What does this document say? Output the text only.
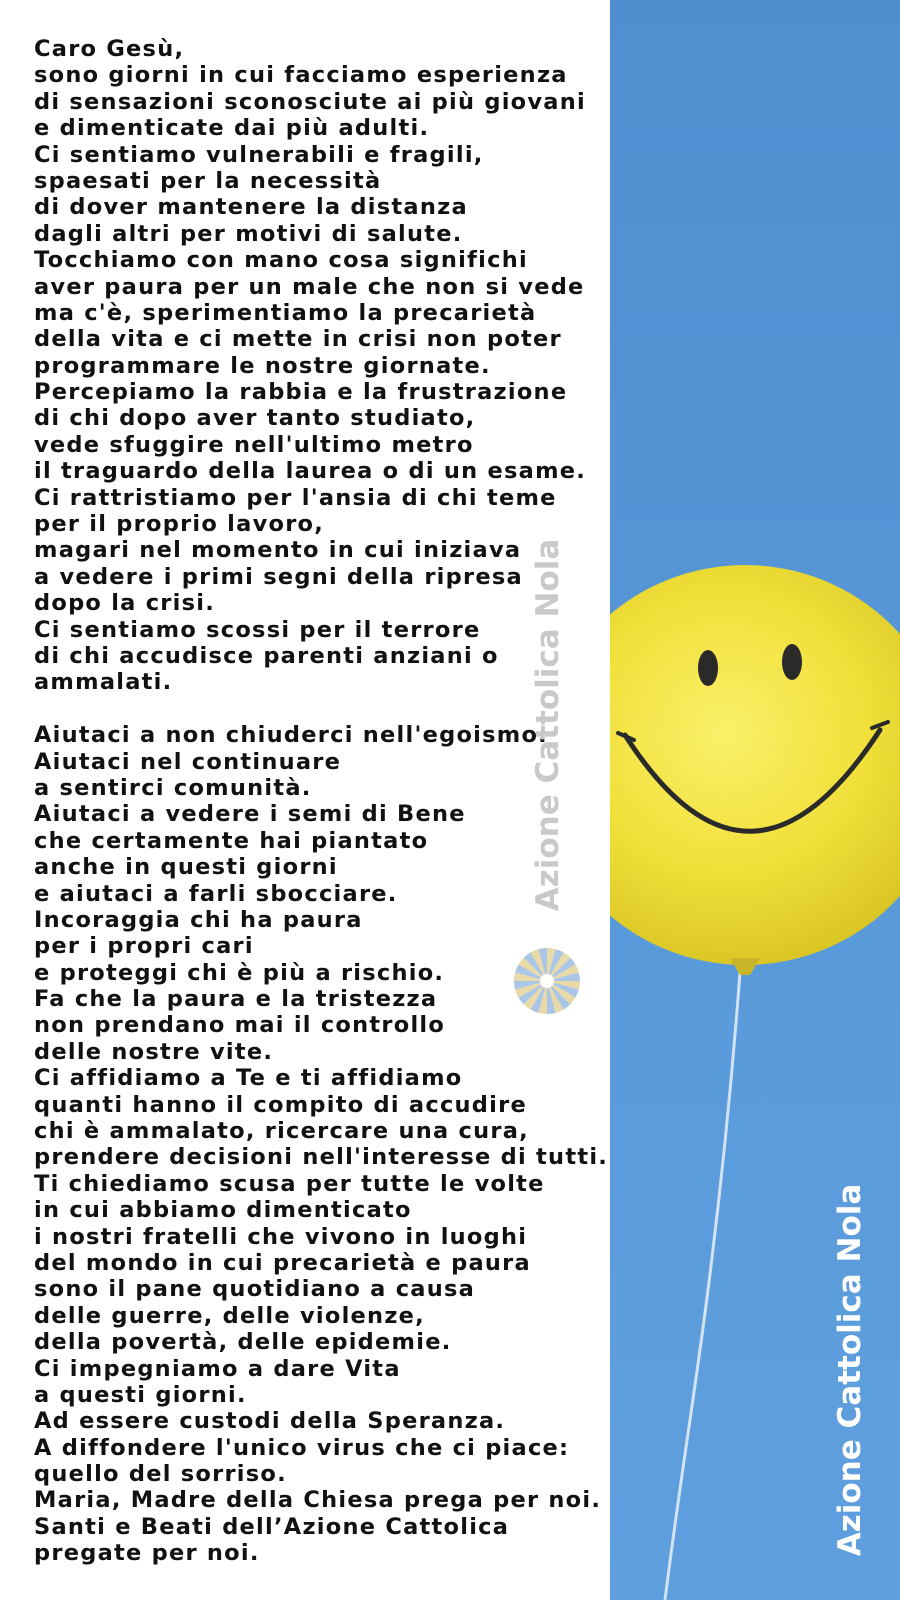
Caro Gesù,
sono giorni in cui facciamo esperienza
di sensazioni sconosciute ai più giovani
e dimenticate dai più adulti.
Ci sentiamo vulnerabili e fragili,
spaesati per la necessità
di dover mantenere la distanza
dagli altri per motivi di salute.
Tocchiamo con mano cosa significhi
aver paura per un male che non si vede
ma c'è, sperimentiamo la precarietà
della vita e ci mette in crisi non poter
programmare le nostre giornate.
Percepiamo la rabbia e la frustrazione
di chi dopo aver tanto studiato,
vede sfuggire nell'ultimo metro
il traguardo della laurea o di un esame.
Ci rattristiamo per l'ansia di chi teme
per il proprio lavoro,
magari nel momento in cui iniziava
a vedere i primi segni della ripresa
dopo la crisi.
Ci sentiamo scossi per il terrore
di chi accudisce parenti anziani o
ammalati.
Aiutaci a non chiuderci nell'egoismo.
Aiutaci nel continuare
a sentirci comunità.
Aiutaci a vedere i semi di Bene
che certamente hai piantato
anche in questi giorni
e aiutaci a farli sbocciare.
Incoraggia chi ha paura
per i propri cari
e proteggi chi è più a rischio.
Fa che la paura e la tristezza
non prendano mai il controllo
delle nostre vite.
Ci affidiamo a Te e ti affidiamo
quanti hanno il compito di accudire
chi è ammalato, ricercare una cura,
prendere decisioni nell'interesse di tutti.
Ti chiediamo scusa per tutte le volte
in cui abbiamo dimenticato
i nostri fratelli che vivono in luoghi
del mondo in cui precarietà e paura
sono il pane quotidiano a causa
delle guerre, delle violenze,
della povertà, delle epidemie.
Ci impegniamo a dare Vita
a questi giorni.
Ad essere custodi della Speranza.
A diffondere l'unico virus che ci piace:
quello del sorriso.
Maria, Madre della Chiesa prega per noi.
Santi e Beati dell’Azione Cattolica
pregate per noi.
Azione Cattolica Nola
Azione Cattolica Nola
